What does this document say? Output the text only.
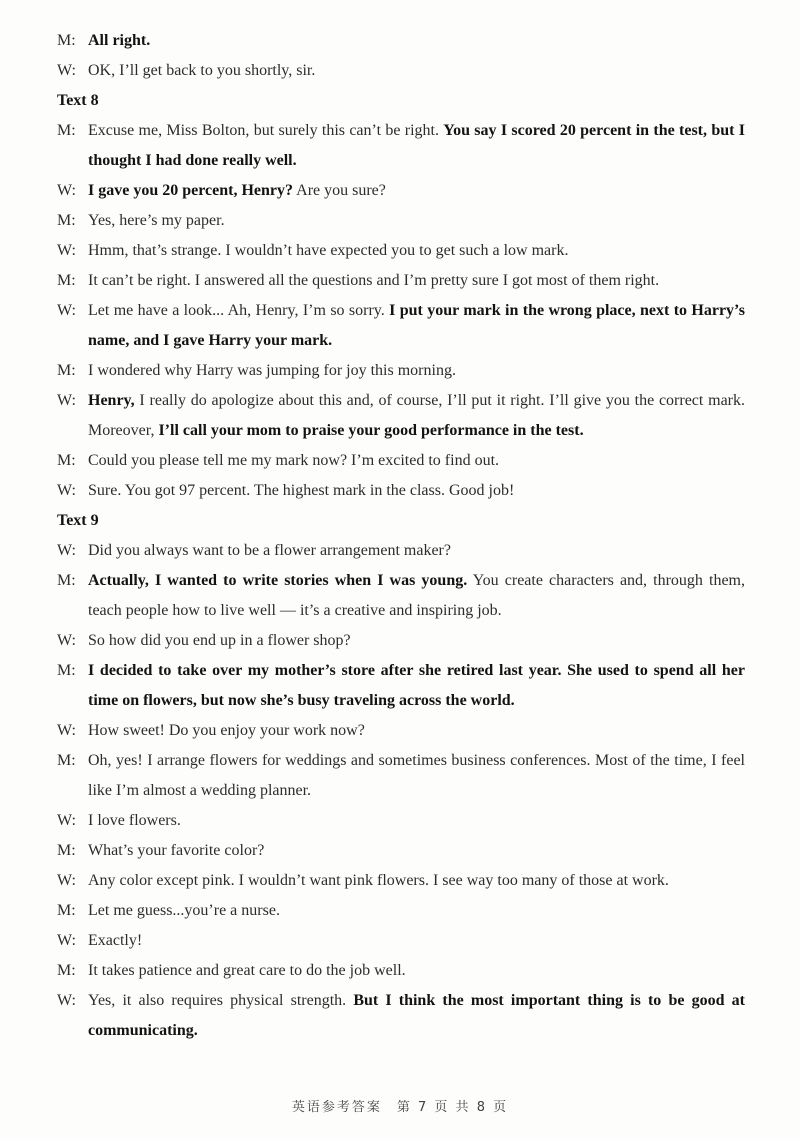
M: All right.

W: OK, I’ll get back to you shortly, sir.

Text 8

M: Excuse me, Miss Bolton, but surely this can’t be right. You say I scored 20 percent in the test, but I thought I had done really well.

W: I gave you 20 percent, Henry? Are you sure?

M: Yes, here’s my paper.

W: Hmm, that’s strange. I wouldn’t have expected you to get such a low mark.

M: It can’t be right. I answered all the questions and I’m pretty sure I got most of them right.

W: Let me have a look... Ah, Henry, I’m so sorry. I put your mark in the wrong place, next to Harry’s name, and I gave Harry your mark.

M: I wondered why Harry was jumping for joy this morning.

W: Henry, I really do apologize about this and, of course, I’ll put it right. I’ll give you the correct mark. Moreover, I’ll call your mom to praise your good performance in the test.

M: Could you please tell me my mark now? I’m excited to find out.

W: Sure. You got 97 percent. The highest mark in the class. Good job!

Text 9

W: Did you always want to be a flower arrangement maker?

M: Actually, I wanted to write stories when I was young. You create characters and, through them, teach people how to live well — it’s a creative and inspiring job.

W: So how did you end up in a flower shop?

M: I decided to take over my mother’s store after she retired last year. She used to spend all her time on flowers, but now she’s busy traveling across the world.

W: How sweet! Do you enjoy your work now?

M: Oh, yes! I arrange flowers for weddings and sometimes business conferences. Most of the time, I feel like I’m almost a wedding planner.

W: I love flowers.

M: What’s your favorite color?

W: Any color except pink. I wouldn’t want pink flowers. I see way too many of those at work.

M: Let me guess...you’re a nurse.

W: Exactly!

M: It takes patience and great care to do the job well.

W: Yes, it also requires physical strength. But I think the most important thing is to be good at communicating.

英语参考答案　第 7 页 共 8 页
